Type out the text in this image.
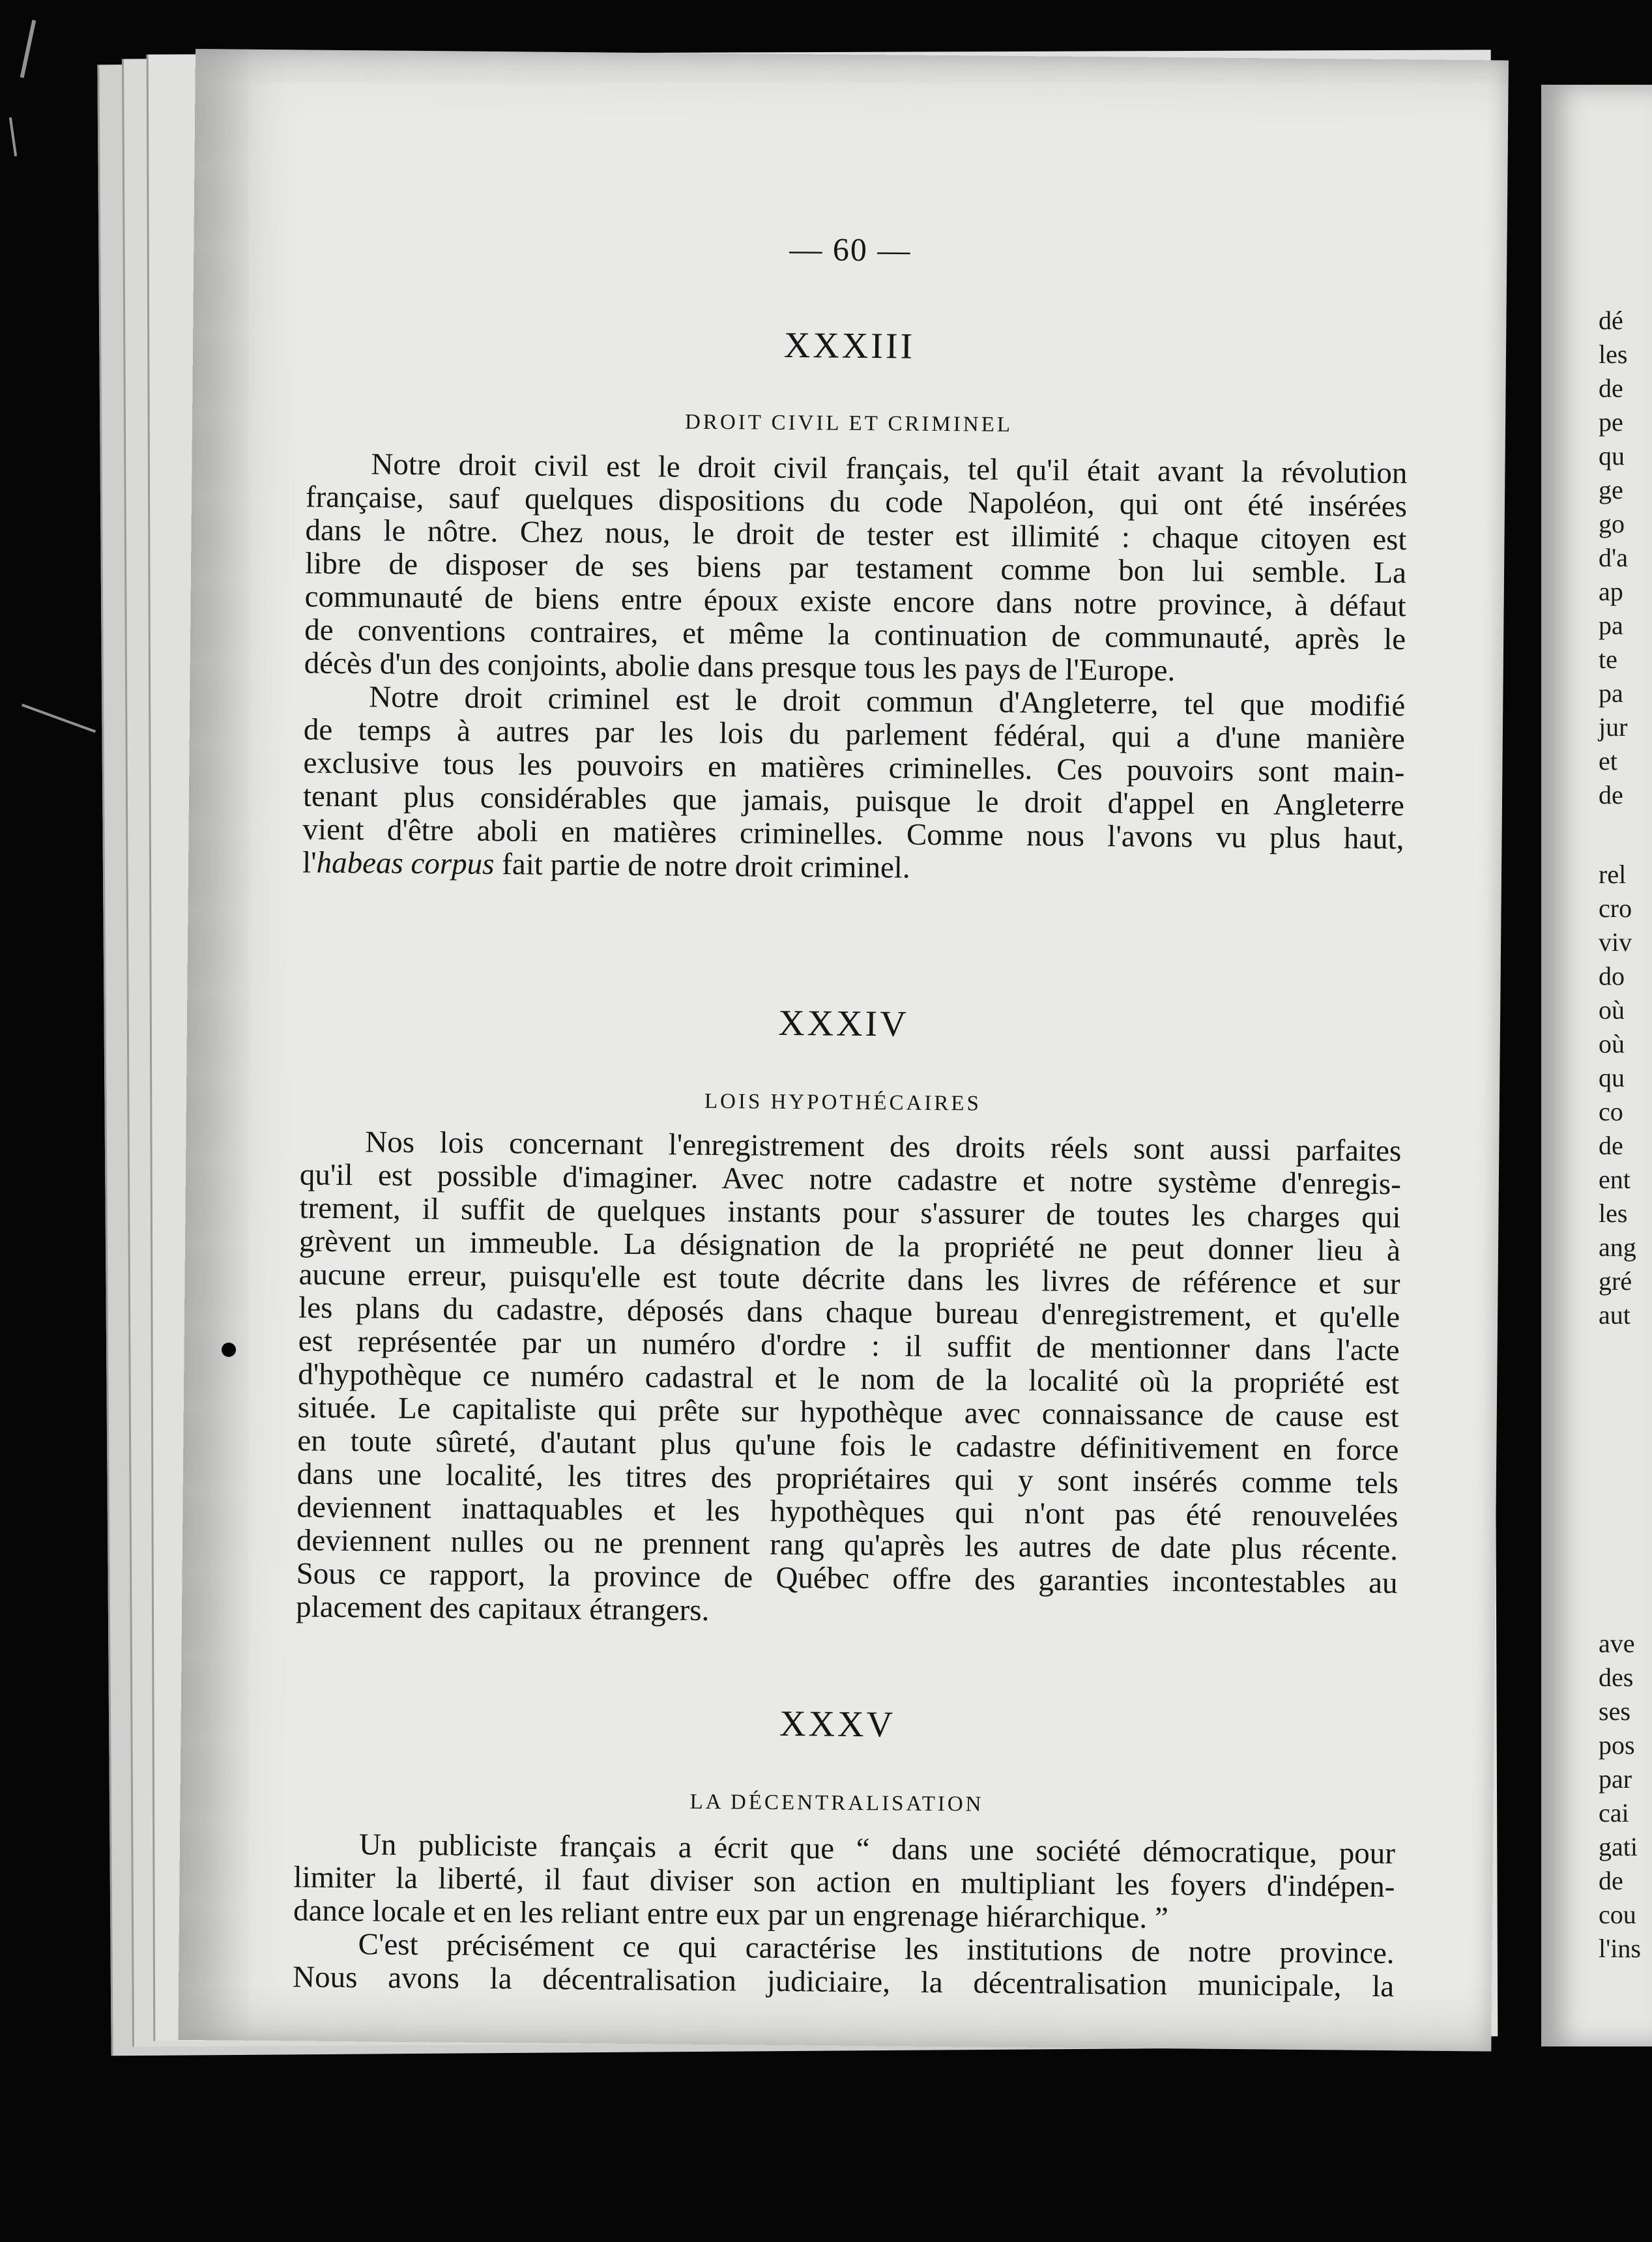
— 60 —
XXXIII
DROIT CIVIL ET CRIMINEL
Notre droit civil est le droit civil français, tel qu'il était avant la révolution
française, sauf quelques dispositions du code Napoléon, qui ont été insérées
dans le nôtre. Chez nous, le droit de tester est illimité : chaque citoyen est
libre de disposer de ses biens par testament comme bon lui semble. La
communauté de biens entre époux existe encore dans notre province, à défaut
de conventions contraires, et même la continuation de communauté, après le
décès d'un des conjoints, abolie dans presque tous les pays de l'Europe.
Notre droit criminel est le droit commun d'Angleterre, tel que modifié
de temps à autres par les lois du parlement fédéral, qui a d'une manière
exclusive tous les pouvoirs en matières criminelles. Ces pouvoirs sont main-
tenant plus considérables que jamais, puisque le droit d'appel en Angleterre
vient d'être aboli en matières criminelles. Comme nous l'avons vu plus haut,
l'habeas corpus fait partie de notre droit criminel.
XXXIV
LOIS HYPOTHÉCAIRES
Nos lois concernant l'enregistrement des droits réels sont aussi parfaites
qu'il est possible d'imaginer. Avec notre cadastre et notre système d'enregis-
trement, il suffit de quelques instants pour s'assurer de toutes les charges qui
grèvent un immeuble. La désignation de la propriété ne peut donner lieu à
aucune erreur, puisqu'elle est toute décrite dans les livres de référence et sur
les plans du cadastre, déposés dans chaque bureau d'enregistrement, et qu'elle
est représentée par un numéro d'ordre : il suffit de mentionner dans l'acte
d'hypothèque ce numéro cadastral et le nom de la localité où la propriété est
située. Le capitaliste qui prête sur hypothèque avec connaissance de cause est
en toute sûreté, d'autant plus qu'une fois le cadastre définitivement en force
dans une localité, les titres des propriétaires qui y sont insérés comme tels
deviennent inattaquables et les hypothèques qui n'ont pas été renouvelées
deviennent nulles ou ne prennent rang qu'après les autres de date plus récente.
Sous ce rapport, la province de Québec offre des garanties incontestables au
placement des capitaux étrangers.
XXXV
LA DÉCENTRALISATION
Un publiciste français a écrit que “ dans une société démocratique, pour
limiter la liberté, il faut diviser son action en multipliant les foyers d'indépen-
dance locale et en les reliant entre eux par un engrenage hiérarchique. ”
C'est précisément ce qui caractérise les institutions de notre province.
Nous avons la décentralisation judiciaire, la décentralisation municipale, la
dé
les
de
pe
qu
ge
go
d'a
ap
pa
te
pa
jur
et
de
rel
cro
viv
do
où
où
qu
co
de
ent
les
ang
gré
aut
ave
des
ses
pos
par
cai
gati
de
cou
l'ins
